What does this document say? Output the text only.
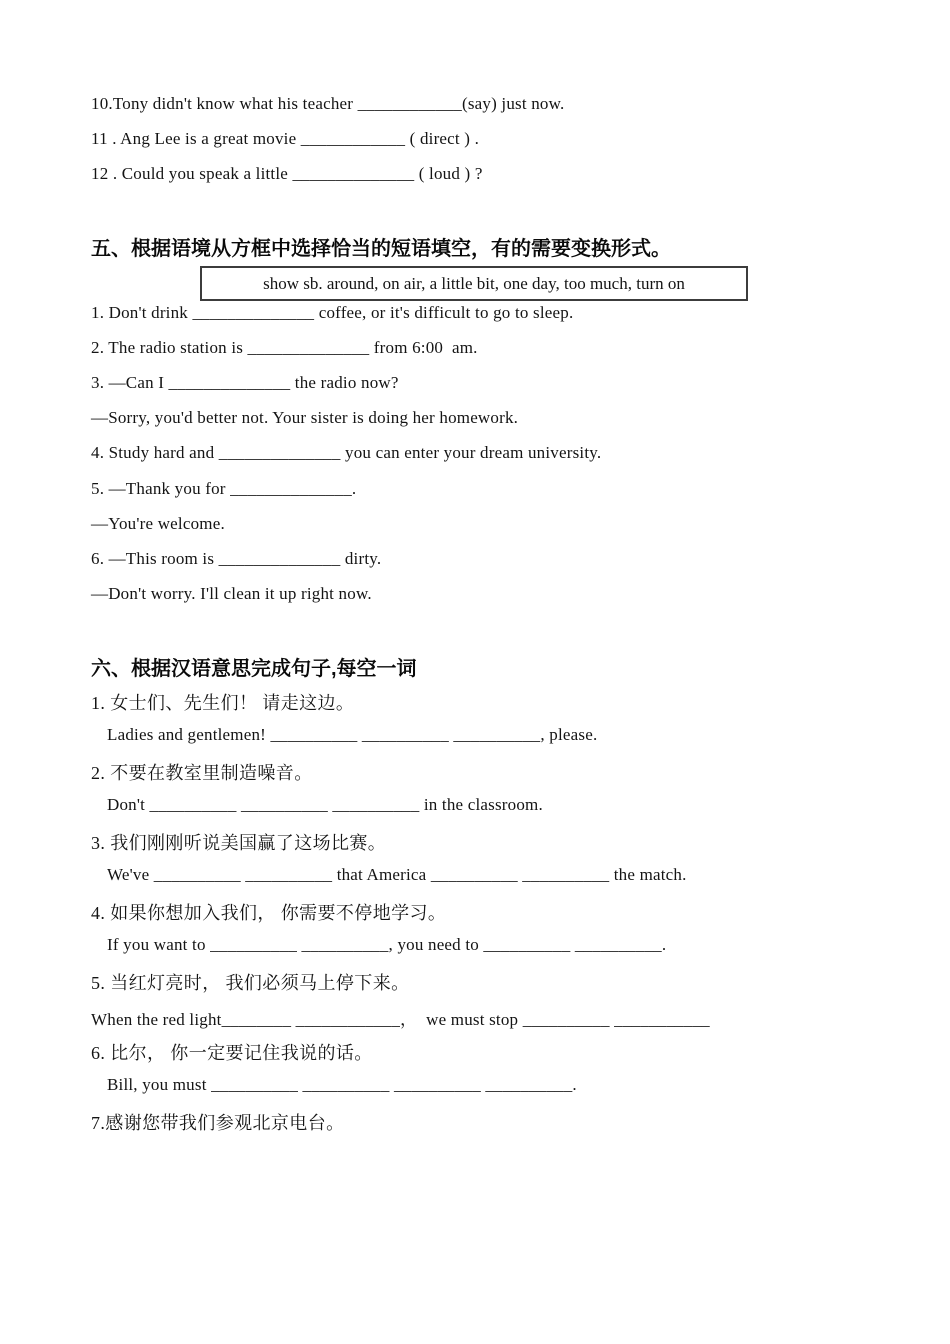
10.Tony didn't know what his teacher ____________(say) just now.
11 . Ang Lee is a great movie ____________ ( direct ) .
12 . Could you speak a little ______________ ( loud ) ?
五、根据语境从方框中选择恰当的短语填空，有的需要变换形式。
show sb. around, on air, a little bit, one day, too much, turn on
1. Don't drink ______________ coffee, or it's difficult to go to sleep.
2. The radio station is ______________ from 6:00  am.
3. —Can I ______________ the radio now?
—Sorry, you'd better not. Your sister is doing her homework.
4. Study hard and ______________ you can enter your dream university.
5. —Thank you for ______________.
—You're welcome.
6. —This room is ______________ dirty.
—Don't worry. I'll clean it up right now.
六、根据汉语意思完成句子,每空一词
1. 女士们、先生们！ 请走这边。
Ladies and gentlemen! __________ __________ __________, please.
2. 不要在教室里制造噪音。
Don't __________ __________ __________ in the classroom.
3. 我们刚刚听说美国赢了这场比赛。
We've __________ __________ that America __________ __________ the match.
4. 如果你想加入我们， 你需要不停地学习。
If you want to __________ __________, you need to __________ __________.
5. 当红灯亮时， 我们必须马上停下来。
When the red light________ ____________，  we must stop __________ ___________
6. 比尔， 你一定要记住我说的话。
Bill, you must __________ __________ __________ __________.
7.感谢您带我们参观北京电台。
